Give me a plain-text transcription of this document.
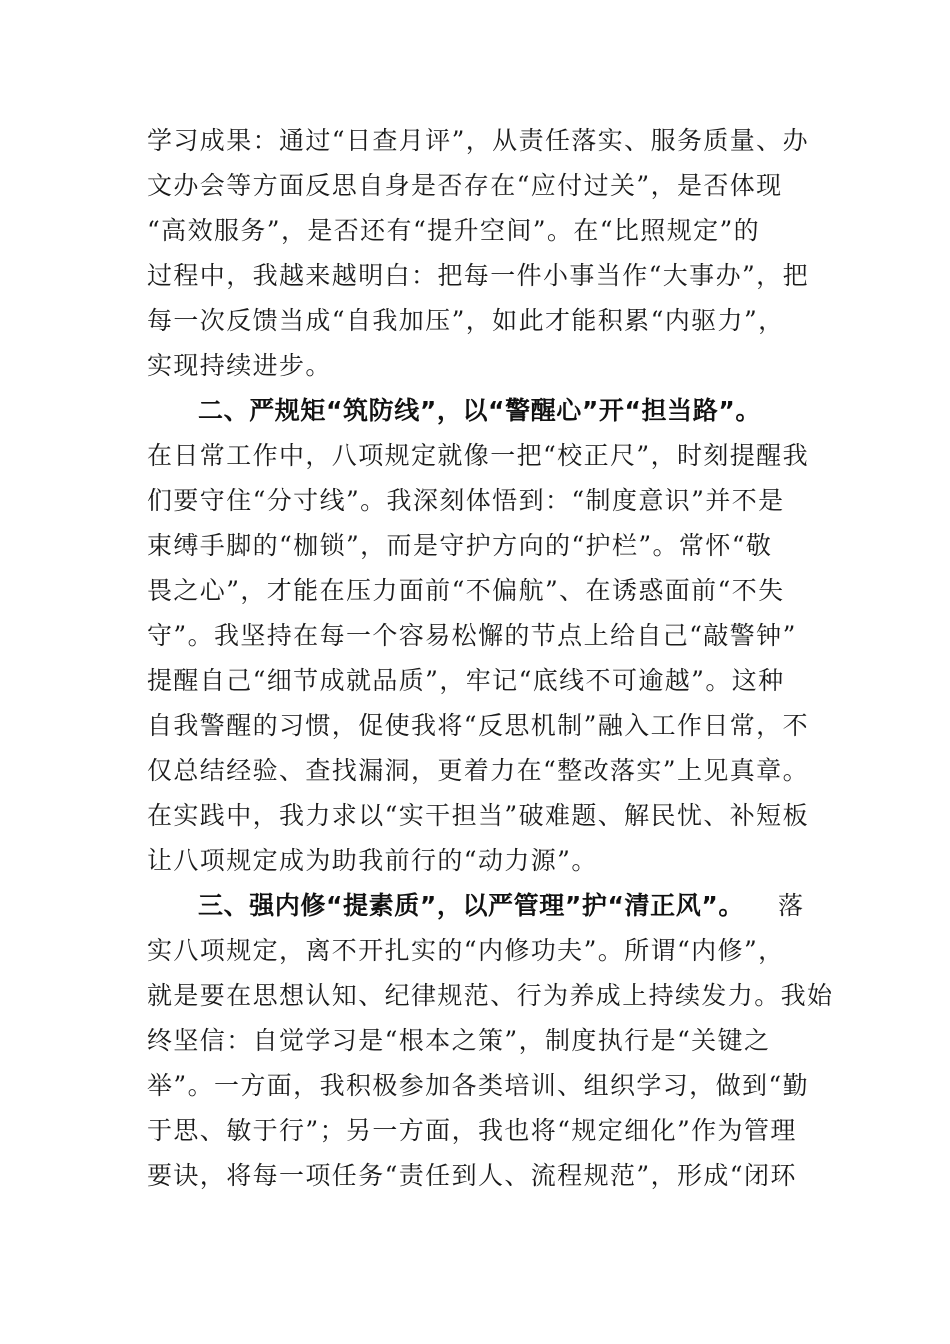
学习成果：通过“日查月评”，从责任落实、服务质量、办
文办会等方面反思自身是否存在“应付过关”，是否体现
“高效服务”，是否还有“提升空间”。在“比照规定”的
过程中，我越来越明白：把每一件小事当作“大事办”，把
每一次反馈当成“自我加压”，如此才能积累“内驱力”，
实现持续进步。
二、严规矩“筑防线”，以“警醒心”开“担当路”。
在日常工作中，八项规定就像一把“校正尺”，时刻提醒我
们要守住“分寸线”。我深刻体悟到：“制度意识”并不是
束缚手脚的“枷锁”，而是守护方向的“护栏”。常怀“敬
畏之心”，才能在压力面前“不偏航”、在诱惑面前“不失
守”。我坚持在每一个容易松懈的节点上给自己“敲警钟”
提醒自己“细节成就品质”，牢记“底线不可逾越”。这种
自我警醒的习惯，促使我将“反思机制”融入工作日常，不
仅总结经验、查找漏洞，更着力在“整改落实”上见真章。
在实践中，我力求以“实干担当”破难题、解民忧、补短板
让八项规定成为助我前行的“动力源”。
三、强内修“提素质”，以严管理”护“清正风”。 落
实八项规定，离不开扎实的“内修功夫”。所谓“内修”，
就是要在思想认知、纪律规范、行为养成上持续发力。我始
终坚信：自觉学习是“根本之策”，制度执行是“关键之
举”。一方面，我积极参加各类培训、组织学习，做到“勤
于思、敏于行”；另一方面，我也将“规定细化”作为管理
要诀，将每一项任务“责任到人、流程规范”，形成“闭环
